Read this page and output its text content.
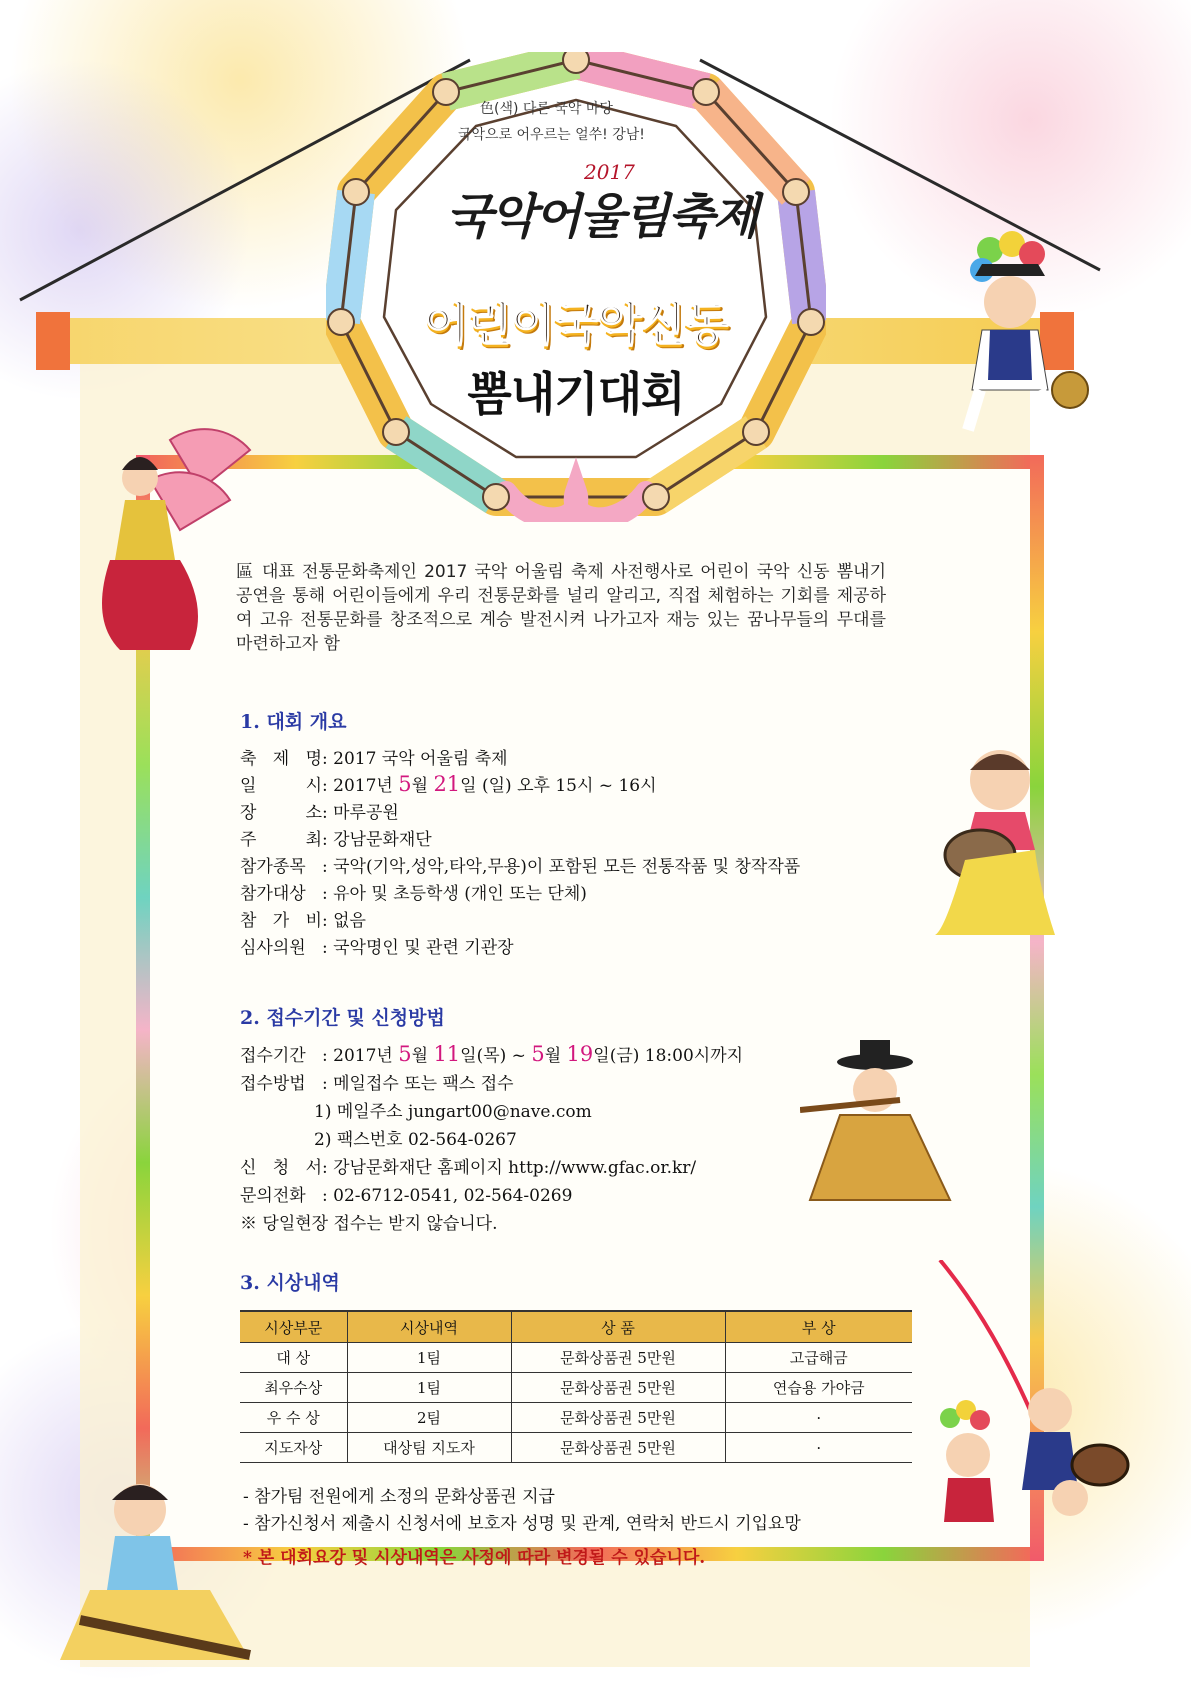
色(색) 다른 국악 마당
국악으로 어우르는 얼쑤! 강남!
2017
국악어울림축제
어린이국악신동
뽐내기대회
區 대표 전통문화축제인 2017 국악 어울림 축제 사전행사로 어린이 국악 신동 뽐내기 공연을 통해 어린이들에게 우리 전통문화를 널리 알리고, 직접 체험하는 기회를 제공하여 고유 전통문화를 창조적으로 계승 발전시켜 나가고자 재능 있는 꿈나무들의 무대를 마련하고자 함
1. 대회 개요
축 제 명: 2017 국악 어울림 축제
일 시: 2017년 5월 21일 (일) 오후 15시 ~ 16시
장 소: 마루공원
주 최: 강남문화재단
참가종목 : 국악(기악,성악,타악,무용)이 포함된 모든 전통작품 및 창작작품
참가대상 : 유아 및 초등학생 (개인 또는 단체)
참 가 비: 없음
심사의원 : 국악명인 및 관련 기관장
2. 접수기간 및 신청방법
접수기간 : 2017년 5월 11일(목) ~ 5월 19일(금) 18:00시까지
접수방법 : 메일접수 또는 팩스 접수
1) 메일주소 jungart00@nave.com
2) 팩스번호 02-564-0267
신 청 서: 강남문화재단 홈페이지 http://www.gfac.or.kr/
문의전화 : 02-6712-0541, 02-564-0269
※ 당일현장 접수는 받지 않습니다.
3. 시상내역
시상부문	시상내역	상 품	부 상
대 상	1팀	문화상품권 5만원	고급해금
최우수상	1팀	문화상품권 5만원	연습용 가야금
우 수 상	2팀	문화상품권 5만원	·
지도자상	대상팀 지도자	문화상품권 5만원	·
- 참가팀 전원에게 소정의 문화상품권 지급
- 참가신청서 제출시 신청서에 보호자 성명 및 관계, 연락처 반드시 기입요망
* 본 대회요강 및 시상내역은 사정에 따라 변경될 수 있습니다.
